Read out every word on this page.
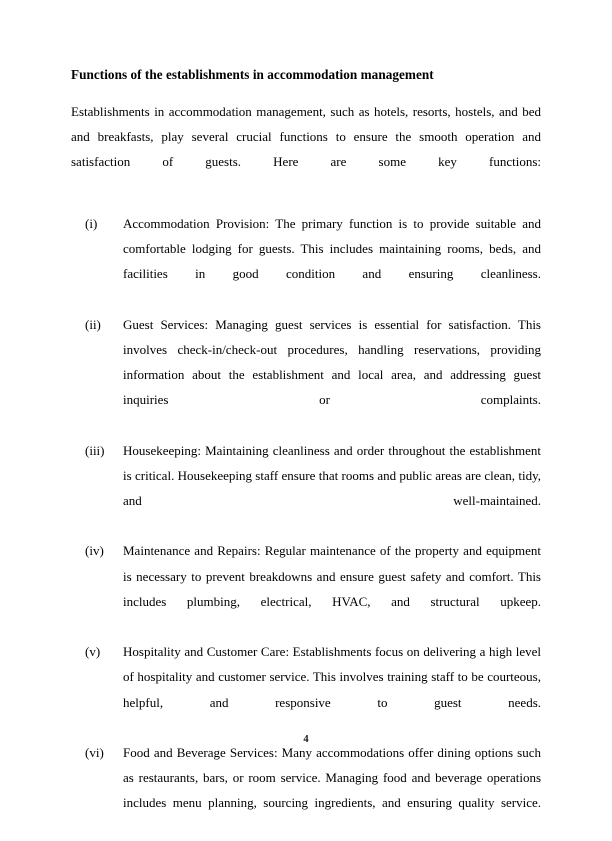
Functions of the establishments in accommodation management

Establishments in accommodation management, such as hotels, resorts, hostels, and bed and breakfasts, play several crucial functions to ensure the smooth operation and satisfaction of guests. Here are some key functions:

(i)	Accommodation Provision: The primary function is to provide suitable and comfortable lodging for guests. This includes maintaining rooms, beds, and facilities in good condition and ensuring cleanliness.
(ii)	Guest Services: Managing guest services is essential for satisfaction. This involves check-in/check-out procedures, handling reservations, providing information about the establishment and local area, and addressing guest inquiries or complaints.
(iii)	Housekeeping: Maintaining cleanliness and order throughout the establishment is critical. Housekeeping staff ensure that rooms and public areas are clean, tidy, and well-maintained.
(iv)	Maintenance and Repairs: Regular maintenance of the property and equipment is necessary to prevent breakdowns and ensure guest safety and comfort. This includes plumbing, electrical, HVAC, and structural upkeep.
(v)	Hospitality and Customer Care: Establishments focus on delivering a high level of hospitality and customer service. This involves training staff to be courteous, helpful, and responsive to guest needs.
(vi)	Food and Beverage Services: Many accommodations offer dining options such as restaurants, bars, or room service. Managing food and beverage operations includes menu planning, sourcing ingredients, and ensuring quality service.
4
